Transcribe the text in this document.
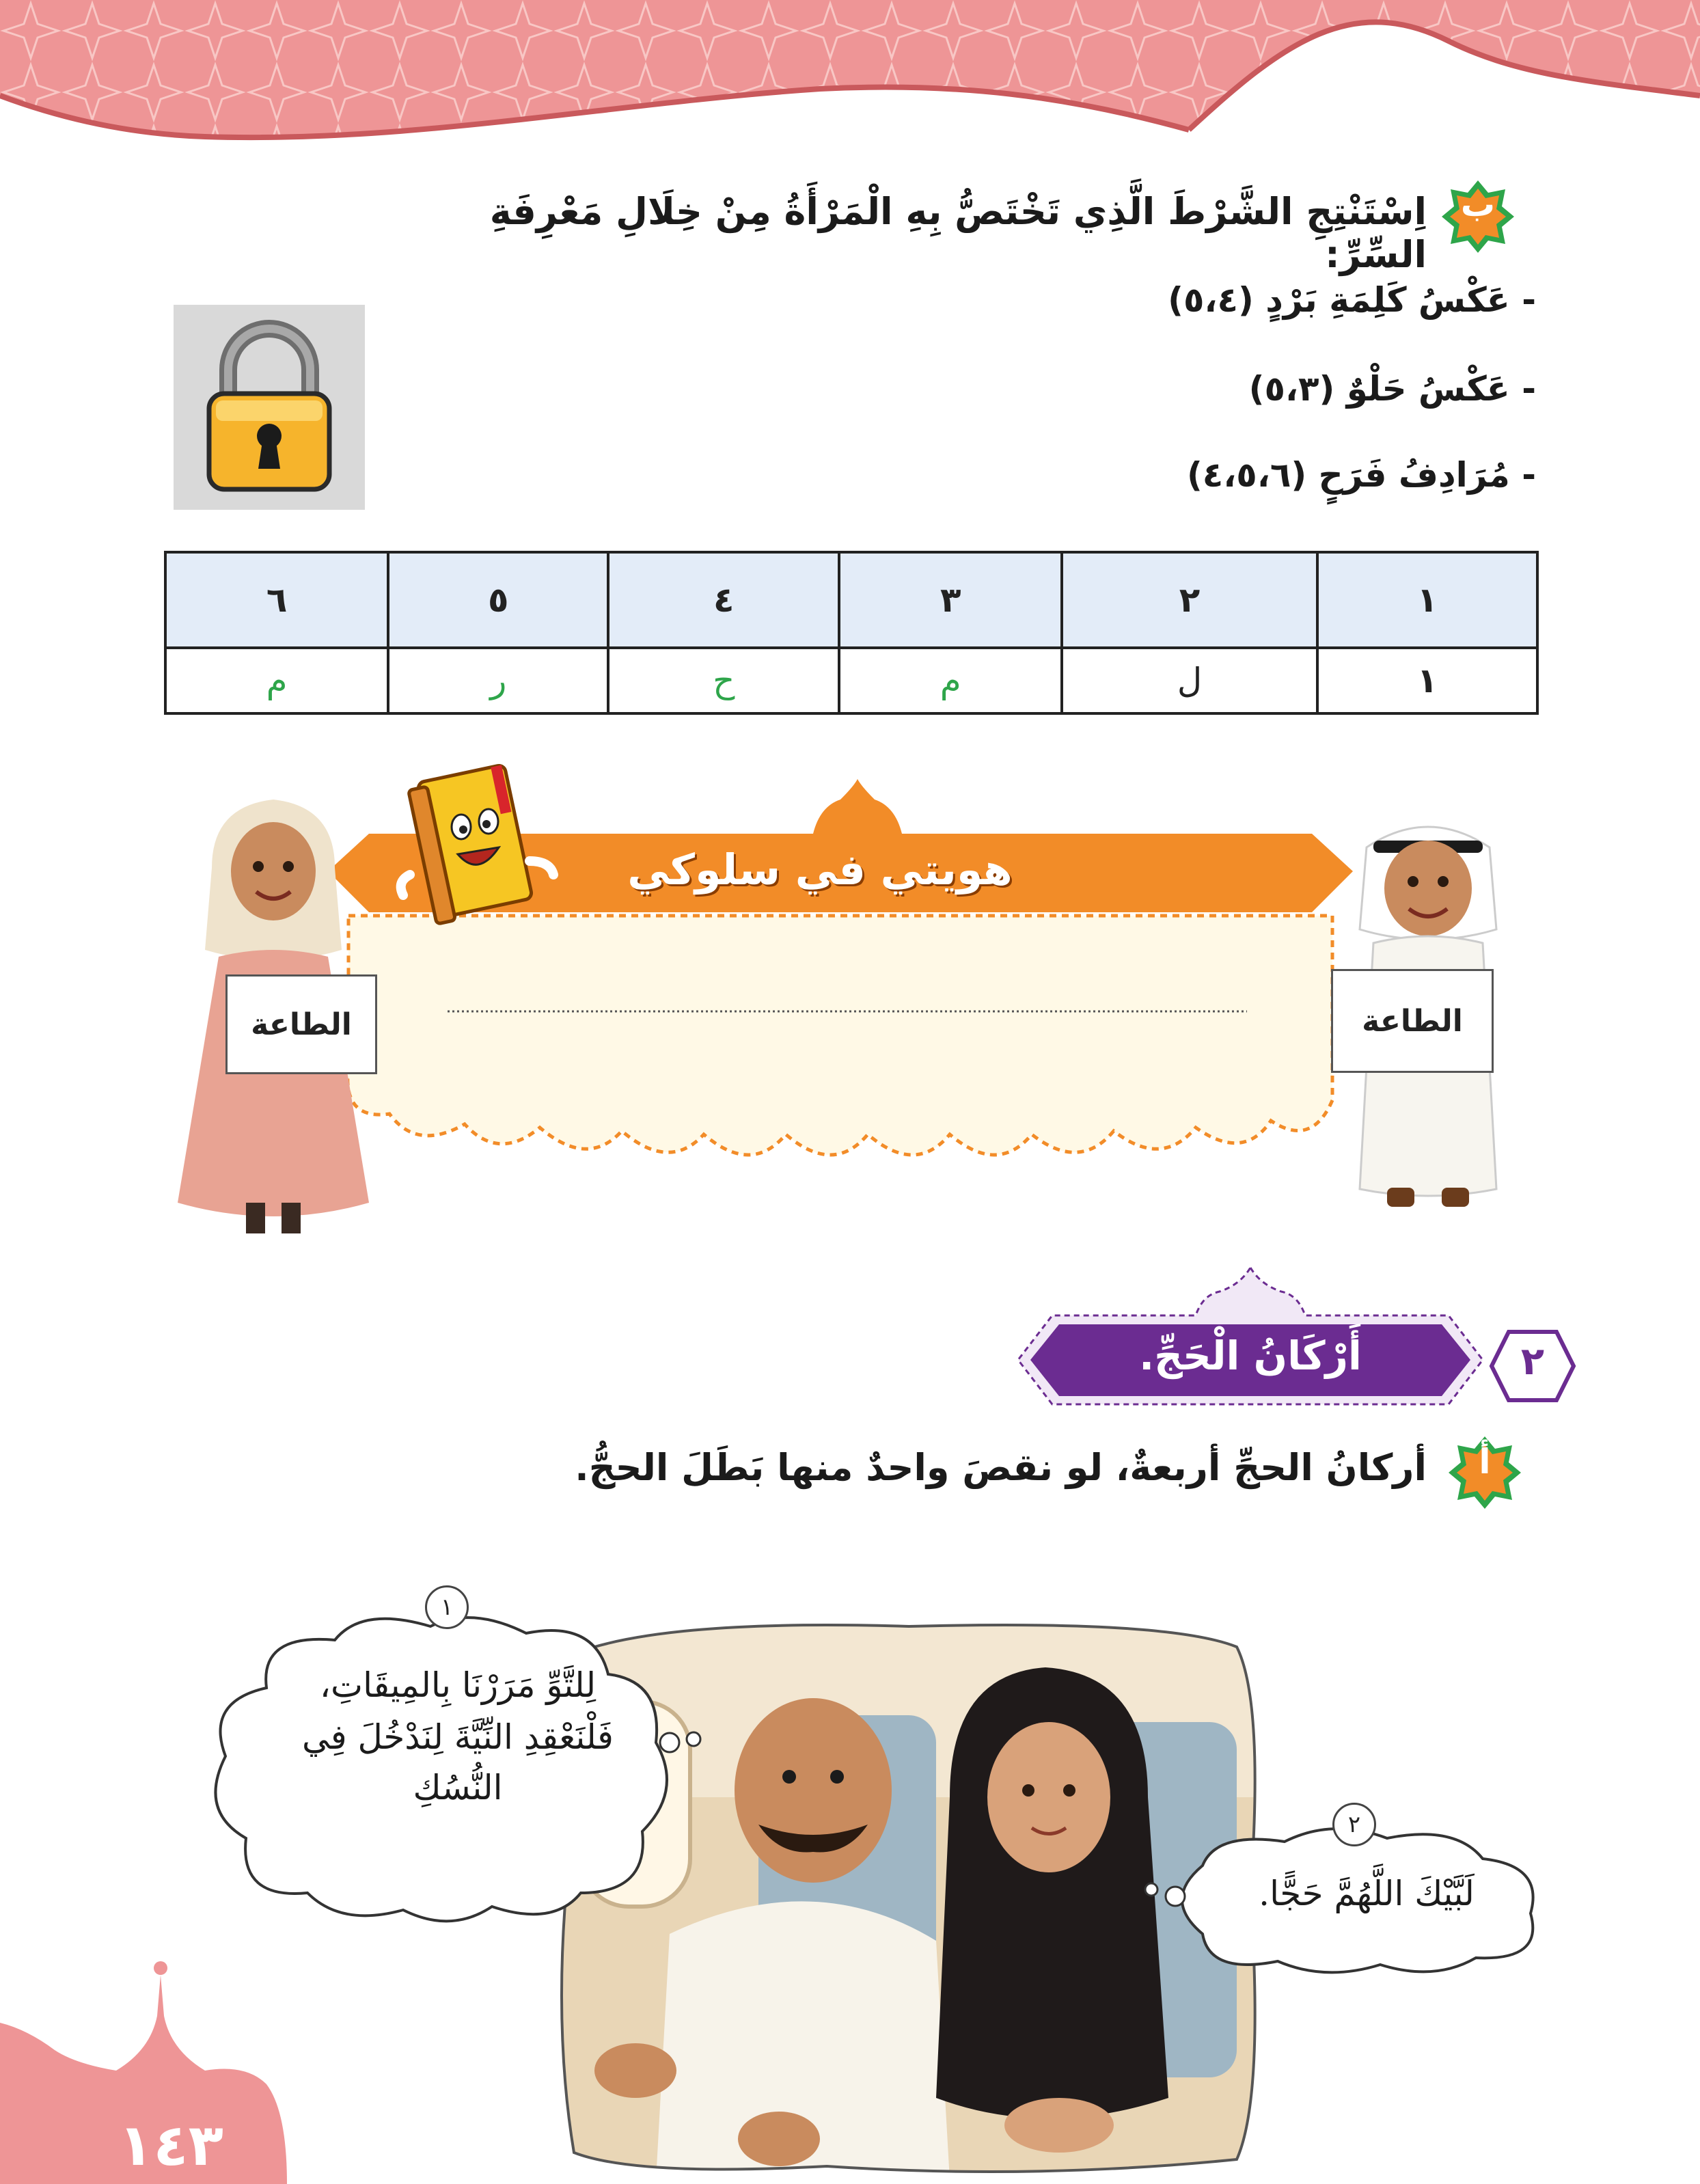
ب
اِسْتَنْتِجِ الشَّرْطَ الَّذِي تَخْتَصُّ بِهِ الْمَرْأَةُ مِنْ خِلَالِ مَعْرِفَةِ السِّرِّ:
- عَكْسُ كَلِمَةِ بَرْدٍ (٥،٤)
- عَكْسُ حَلْوٌ (٥،٣)
- مُرَادِفُ فَرَحٍ (٤،٥،٦)
١	٢	٣	٤	٥	٦
١	ل	م	ح	ر	م
هويتي في سلوكي
الطاعة	الطاعة
٢
أَرْكَانُ الْحَجِّ.
أ
أركانُ الحجِّ أربعةٌ، لو نقصَ واحدٌ منها بَطَلَ الحجُّ.
١
لِلتَّوِّ مَرَرْنَا بِالمِيقَاتِ،
فَلْنَعْقِدِ النِّيَّةَ لِنَدْخُلَ فِي
النُّسُكِ
٢
لَبَّيْكَ اللَّهُمَّ حَجًّا.
١٤٣
